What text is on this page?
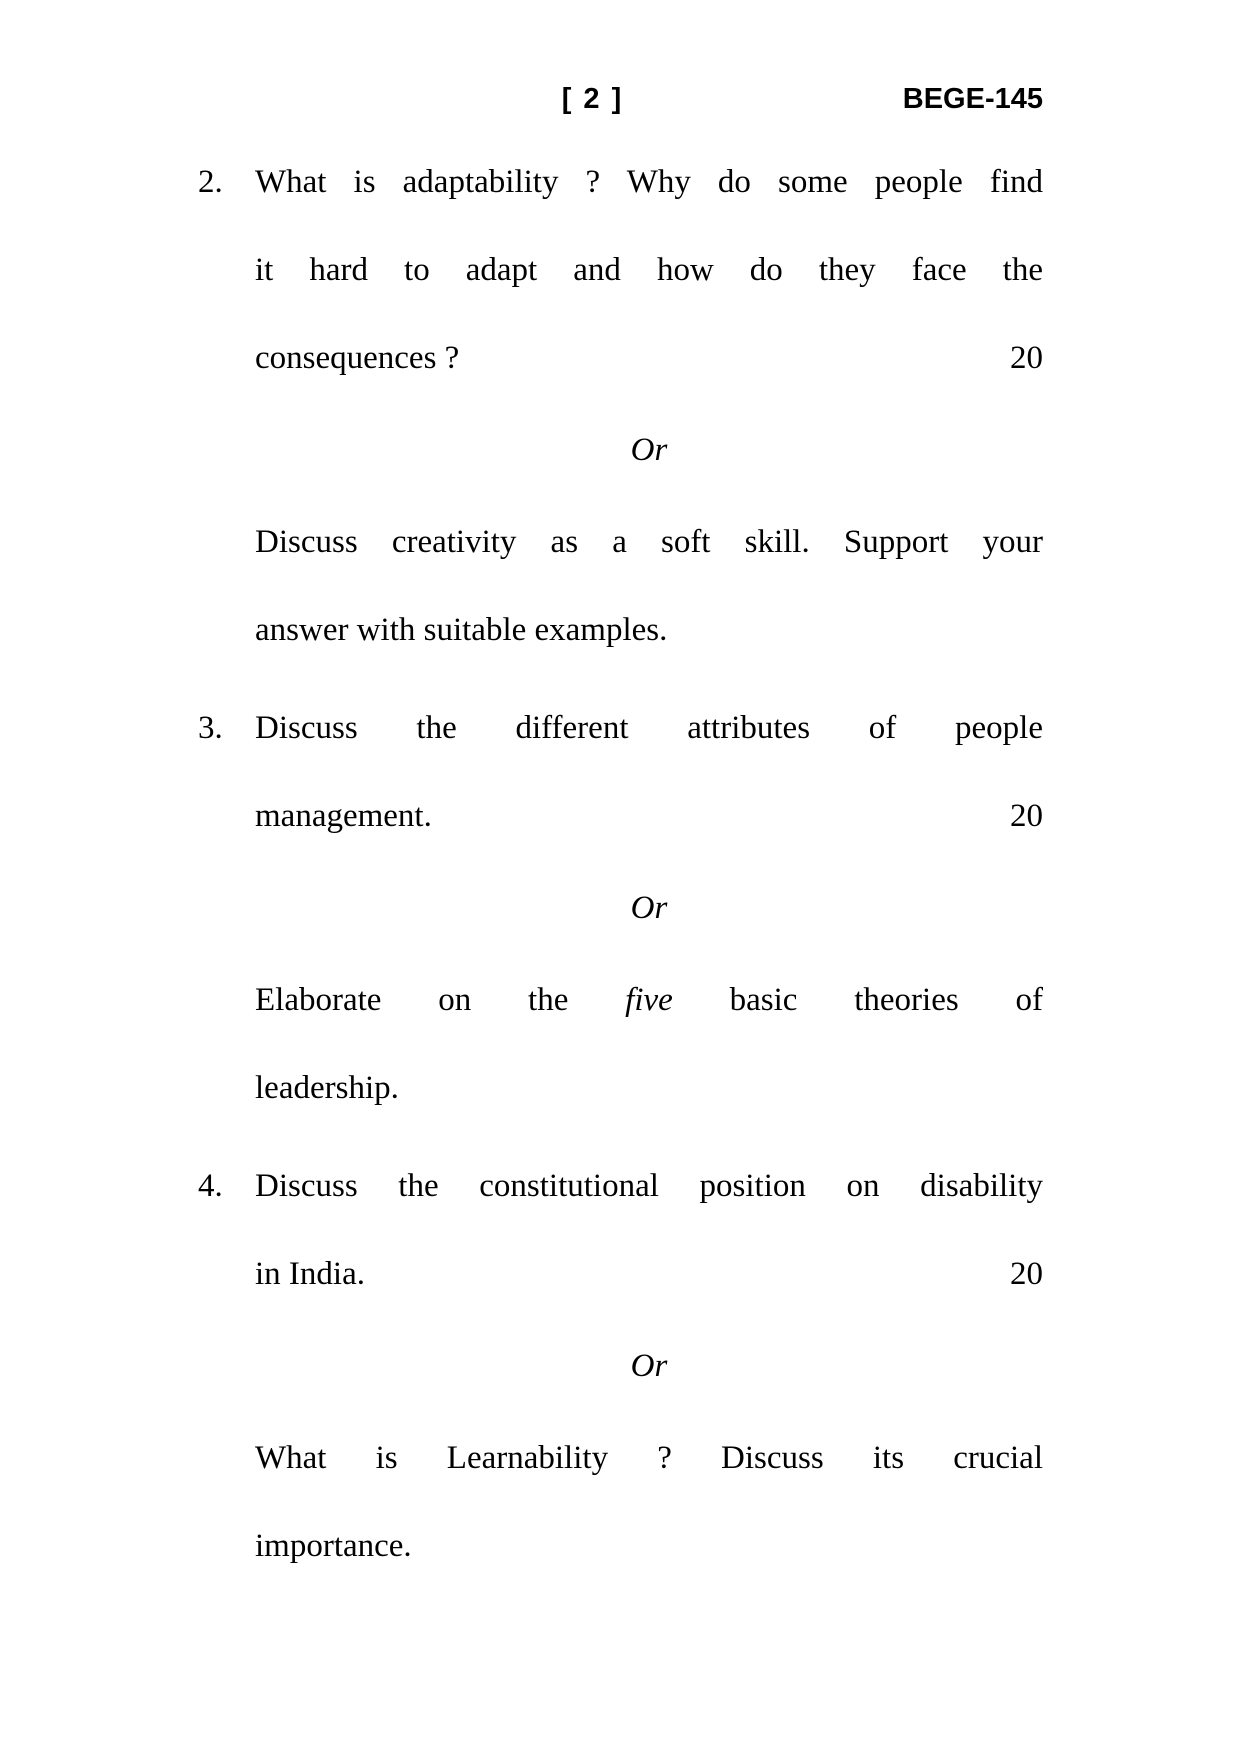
[ 2 ]	BEGE-145
2. What is adaptability ? Why do some people find
it hard to adapt and how do they face the
consequences ?	20
Or
Discuss creativity as a soft skill. Support your
answer with suitable examples.
3. Discuss the different attributes of people
management.	20
Or
Elaborate on the five basic theories of
leadership.
4. Discuss the constitutional position on disability
in India.	20
Or
What is Learnability ? Discuss its crucial
importance.
